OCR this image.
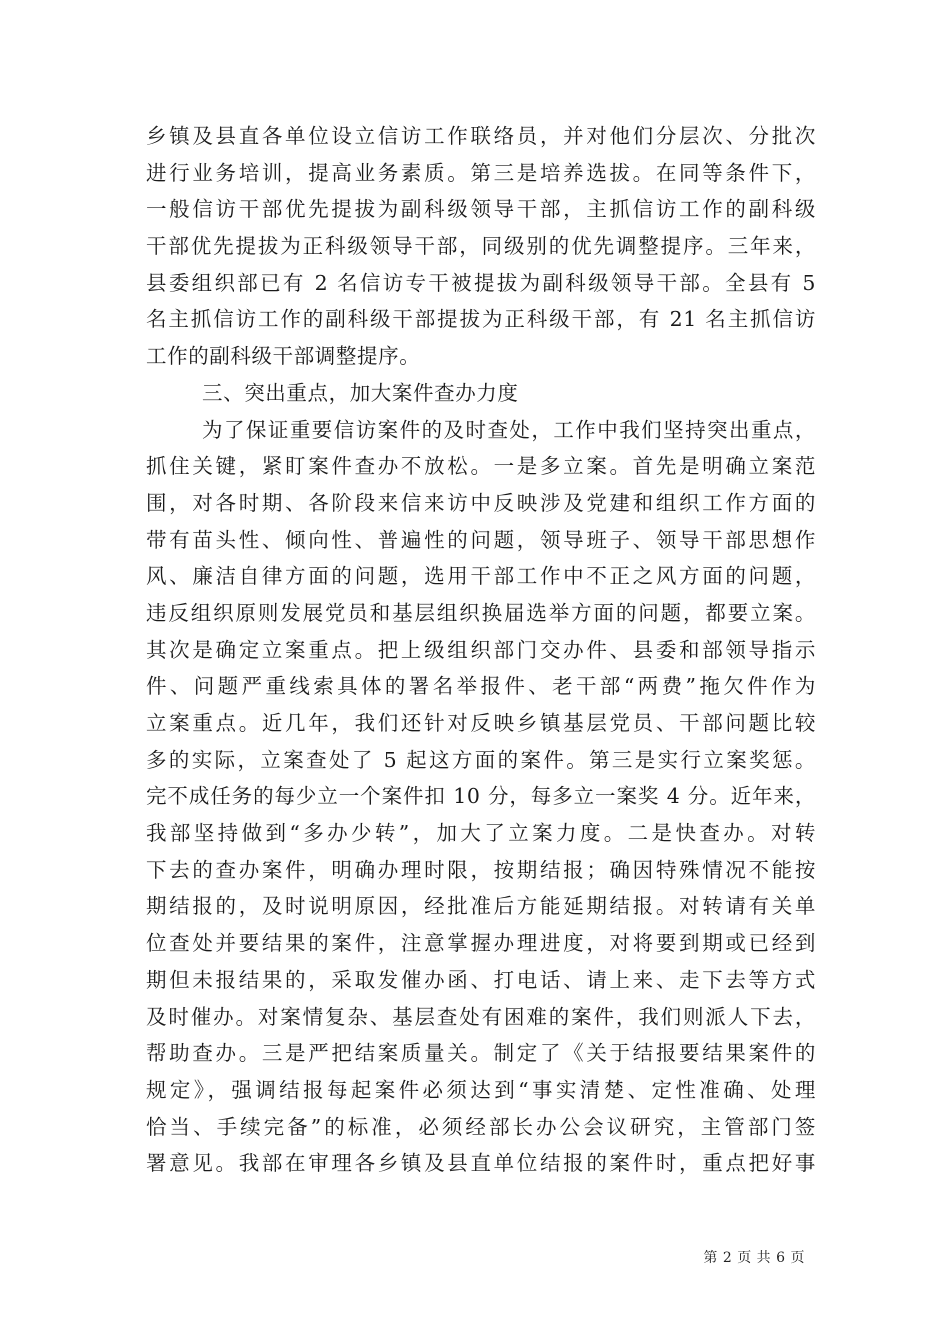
乡镇及县直各单位设立信访工作联络员，并对他们分层次、分批次
进行业务培训，提高业务素质。第三是培养选拔。在同等条件下，
一般信访干部优先提拔为副科级领导干部，主抓信访工作的副科级
干部优先提拔为正科级领导干部，同级别的优先调整提序。三年来，
县委组织部已有 2 名信访专干被提拔为副科级领导干部。全县有 5
名主抓信访工作的副科级干部提拔为正科级干部，有 21 名主抓信访
工作的副科级干部调整提序。
三、突出重点，加大案件查办力度
为了保证重要信访案件的及时查处，工作中我们坚持突出重点，
抓住关键，紧盯案件查办不放松。一是多立案。首先是明确立案范
围，对各时期、各阶段来信来访中反映涉及党建和组织工作方面的
带有苗头性、倾向性、普遍性的问题，领导班子、领导干部思想作
风、廉洁自律方面的问题，选用干部工作中不正之风方面的问题，
违反组织原则发展党员和基层组织换届选举方面的问题，都要立案。
其次是确定立案重点。把上级组织部门交办件、县委和部领导指示
件、问题严重线索具体的署名举报件、老干部“两费”拖欠件作为
立案重点。近几年，我们还针对反映乡镇基层党员、干部问题比较
多的实际，立案查处了 5 起这方面的案件。第三是实行立案奖惩。
完不成任务的每少立一个案件扣 10 分，每多立一案奖 4 分。近年来，
我部坚持做到“多办少转”，加大了立案力度。二是快查办。对转
下去的查办案件，明确办理时限，按期结报；确因特殊情况不能按
期结报的，及时说明原因，经批准后方能延期结报。对转请有关单
位查处并要结果的案件，注意掌握办理进度，对将要到期或已经到
期但未报结果的，采取发催办函、打电话、请上来、走下去等方式
及时催办。对案情复杂、基层查处有困难的案件，我们则派人下去，
帮助查办。三是严把结案质量关。制定了《关于结报要结果案件的
规定》，强调结报每起案件必须达到“事实清楚、定性准确、处理
恰当、手续完备”的标准，必须经部长办公会议研究，主管部门签
署意见。我部在审理各乡镇及县直单位结报的案件时，重点把好事
第 2 页 共 6 页
